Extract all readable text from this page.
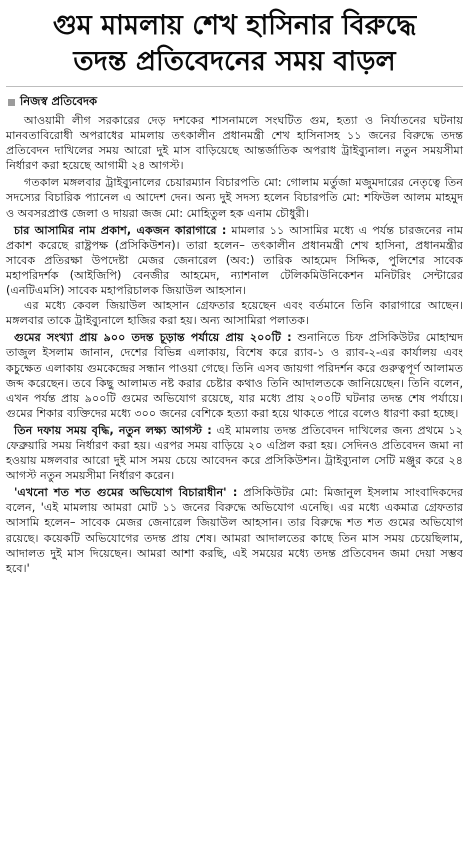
গুম মামলায় শেখ হাসিনার বিরুদ্ধে
তদন্ত প্রতিবেদনের সময় বাড়ল
নিজস্ব প্রতিবেদক

আওয়ামী লীগ সরকারের দেড় দশকের শাসনামলে সংঘটিত গুম, হত্যা ও নির্যাতনের ঘটনায় মানবতাবিরোধী অপরাধের মামলায় তৎকালীন প্রধানমন্ত্রী শেখ হাসিনাসহ ১১ জনের বিরুদ্ধে তদন্ত প্রতিবেদন দাখিলের সময় আরো দুই মাস বাড়িয়েছে আন্তর্জাতিক অপরাধ ট্রাইব্যুনাল। নতুন সময়সীমা নির্ধারণ করা হয়েছে আগামী ২৪ আগস্ট।

গতকাল মঙ্গলবার ট্রাইব্যুনালের চেয়ারম্যান বিচারপতি মো: গোলাম মর্তুজা মজুমদারের নেতৃত্বে তিন সদস্যের বিচারিক প্যানেল এ আদেশ দেন। অন্য দুই সদস্য হলেন বিচারপতি মো: শফিউল আলম মাহমুদ ও অবসরপ্রাপ্ত জেলা ও দায়রা জজ মো: মোহিতুল হক এনাম চৌধুরী।

চার আসামির নাম প্রকাশ, একজন কারাগারে : মামলার ১১ আসামির মধ্যে এ পর্যন্ত চারজনের নাম প্রকাশ করেছে রাষ্ট্রপক্ষ (প্রসিকিউশন)। তারা হলেন– তৎকালীন প্রধানমন্ত্রী শেখ হাসিনা, প্রধানমন্ত্রীর সাবেক প্রতিরক্ষা উপদেষ্টা মেজর জেনারেল (অব:) তারিক আহমেদ সিদ্দিক, পুলিশের সাবেক মহাপরিদর্শক (আইজিপি) বেনজীর আহমেদ, ন্যাশনাল টেলিকমিউনিকেশন মনিটরিং সেন্টারের (এনটিএমসি) সাবেক মহাপরিচালক জিয়াউল আহসান।

এর মধ্যে কেবল জিয়াউল আহসান গ্রেফতার হয়েছেন এবং বর্তমানে তিনি কারাগারে আছেন। মঙ্গলবার তাকে ট্রাইব্যুনালে হাজির করা হয়। অন্য আসামিরা পলাতক।

গুমের সংখ্যা প্রায় ৯০০ তদন্ত চূড়ান্ত পর্যায়ে প্রায় ২০০টি : শুনানিতে চিফ প্রসিকিউটর মোহাম্মদ তাজুল ইসলাম জানান, দেশের বিভিন্ন এলাকায়, বিশেষ করে র‌্যাব-১ ও র‌্যাব-২-এর কার্যালয় এবং কচুক্ষেত এলাকায় গুমকেন্দ্রের সন্ধান পাওয়া গেছে। তিনি এসব জায়গা পরিদর্শন করে গুরুত্বপূর্ণ আলামত জব্দ করেছেন। তবে কিছু আলামত নষ্ট করার চেষ্টার কথাও তিনি আদালতকে জানিয়েছেন। তিনি বলেন, এখন পর্যন্ত প্রায় ৯০০টি গুমের অভিযোগ রয়েছে, যার মধ্যে প্রায় ২০০টি ঘটনার তদন্ত শেষ পর্যায়ে। গুমের শিকার ব্যক্তিদের মধ্যে ৩০০ জনের বেশিকে হত্যা করা হয়ে থাকতে পারে বলেও ধারণা করা হচ্ছে।

তিন দফায় সময় বৃদ্ধি, নতুন লক্ষ্য আগস্ট : এই মামলায় তদন্ত প্রতিবেদন দাখিলের জন্য প্রথমে ১২ ফেব্রুয়ারি সময় নির্ধারণ করা হয়। এরপর সময় বাড়িয়ে ২০ এপ্রিল করা হয়। সেদিনও প্রতিবেদন জমা না হওয়ায় মঙ্গলবার আরো দুই মাস সময় চেয়ে আবেদন করে প্রসিকিউশন। ট্রাইব্যুনাল সেটি মঞ্জুর করে ২৪ আগস্ট নতুন সময়সীমা নির্ধারণ করেন।

'এখনো শত শত গুমের অভিযোগ বিচারাধীন' : প্রসিকিউটর মো: মিজানুল ইসলাম সাংবাদিকদের বলেন, 'এই মামলায় আমরা মোট ১১ জনের বিরুদ্ধে অভিযোগ এনেছি। এর মধ্যে একমাত্র গ্রেফতার আসামি হলেন– সাবেক মেজর জেনারেল জিয়াউল আহসান। তার বিরুদ্ধে শত শত গুমের অভিযোগ রয়েছে। কয়েকটি অভিযোগের তদন্ত প্রায় শেষ। আমরা আদালতের কাছে তিন মাস সময় চেয়েছিলাম, আদালত দুই মাস দিয়েছেন। আমরা আশা করছি, এই সময়ের মধ্যে তদন্ত প্রতিবেদন জমা দেয়া সম্ভব হবে।'
